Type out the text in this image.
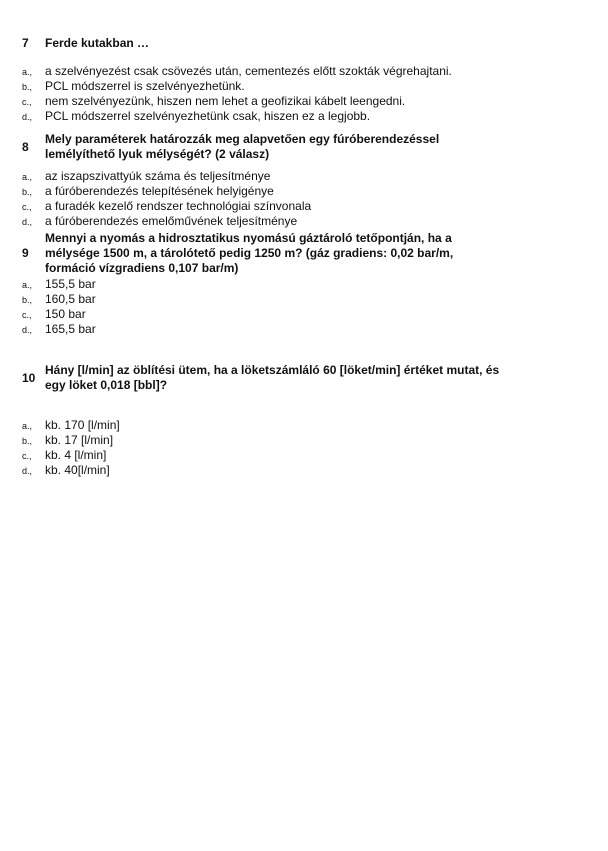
7	Ferde kutakban …
a.,	a szelvényezést csak csövezés után, cementezés előtt szokták végrehajtani.
b.,	PCL módszerrel is szelvényezhetünk.
c.,	nem szelvényezünk, hiszen nem lehet a geofizikai kábelt leengedni.
d.,	PCL módszerrel szelvényezhetünk csak, hiszen ez a legjobb.
8
Mely paraméterek határozzák meg alapvetően egy fúróberendezéssel lemélyíthető lyuk mélységét? (2 válasz)
a.,	az iszapszivattyúk száma és teljesítménye
b.,	a fúróberendezés telepítésének helyigénye
c.,	a furadék kezelő rendszer technológiai színvonala
d.,	a fúróberendezés emelőművének teljesítménye
9
Mennyi a nyomás a hidrosztatikus nyomású gáztároló tetőpontján, ha a mélysége 1500 m, a tárolótető pedig 1250 m? (gáz gradiens: 0,02 bar/m, formáció vízgradiens 0,107 bar/m)
a.,	155,5 bar
b.,	160,5 bar
c.,	150 bar
d.,	165,5 bar
10
Hány [l/min] az öblítési ütem, ha a löketszámláló 60 [löket/min] értéket mutat, és egy löket 0,018 [bbl]?
a.,	kb. 170 [l/min]
b.,	kb. 17 [l/min]
c.,	kb. 4 [l/min]
d.,	kb. 40[l/min]
